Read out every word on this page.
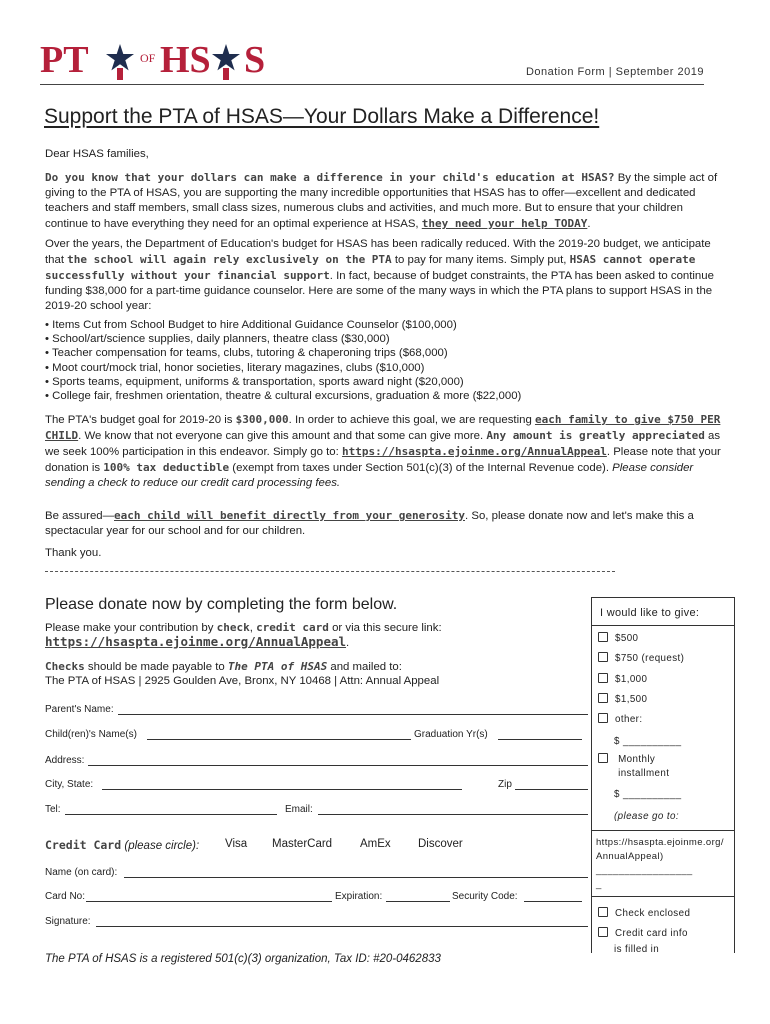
PT	OF HS S	Donation Form | September 2019
Support the PTA of HSAS—Your Dollars Make a Difference!

Dear HSAS families,

Do you know that your dollars can make a difference in your child's education at HSAS? By the simple act of giving to the PTA of HSAS, you are supporting the many incredible opportunities that HSAS has to offer—excellent and dedicated teachers and staff members, small class sizes, numerous clubs and activities, and much more. But to ensure that your children continue to have everything they need for an optimal experience at HSAS, they need your help TODAY.

Over the years, the Department of Education's budget for HSAS has been radically reduced. With the 2019-20 budget, we anticipate that the school will again rely exclusively on the PTA to pay for many items. Simply put, HSAS cannot operate successfully without your financial support. In fact, because of budget constraints, the PTA has been asked to continue funding $38,000 for a part-time guidance counselor. Here are some of the many ways in which the PTA plans to support HSAS in the 2019-20 school year:

• Items Cut from School Budget to hire Additional Guidance Counselor ($100,000)
• School/art/science supplies, daily planners, theatre class ($30,000)
• Teacher compensation for teams, clubs, tutoring & chaperoning trips ($68,000)
• Moot court/mock trial, honor societies, literary magazines, clubs ($10,000)
• Sports teams, equipment, uniforms & transportation, sports award night ($20,000)
• College fair, freshmen orientation, theatre & cultural excursions, graduation & more ($22,000)

The PTA's budget goal for 2019-20 is $300,000. In order to achieve this goal, we are requesting each family to give $750 PER CHILD. We know that not everyone can give this amount and that some can give more. Any amount is greatly appreciated as we seek 100% participation in this endeavor. Simply go to: https://hsaspta.ejoinme.org/AnnualAppeal. Please note that your donation is 100% tax deductible (exempt from taxes under Section 501(c)(3) of the Internal Revenue code). Please consider sending a check to reduce our credit card processing fees.

Be assured—each child will benefit directly from your generosity. So, please donate now and let's make this a spectacular year for our school and for our children.

Thank you.

Please donate now by completing the form below.

Please make your contribution by check, credit card or via this secure link:

https://hsaspta.ejoinme.org/AnnualAppeal.

Checks should be made payable to The PTA of HSAS and mailed to:

The PTA of HSAS | 2925 Goulden Ave, Bronx, NY 10468 | Attn: Annual Appeal

Parent's Name:
Child(ren)'s Name(s)	Graduation Yr(s)
Address:
City, State:	Zip
Tel:	Email:
Credit Card (please circle): Visa MasterCard AmEx Discover
Name (on card):
Card No:	Expiration:	Security Code:
Signature:
I would like to give:
$500
$750 (request)
$1,000
$1,500
other:
$ __________
Monthly installment
$ __________
(please go to:
https://hsaspta.ejoinme.org/AnnualAppeal)
_________________
_
Check enclosed
Credit card info
is filled in
The PTA of HSAS is a registered 501(c)(3) organization, Tax ID: #20-0462833
